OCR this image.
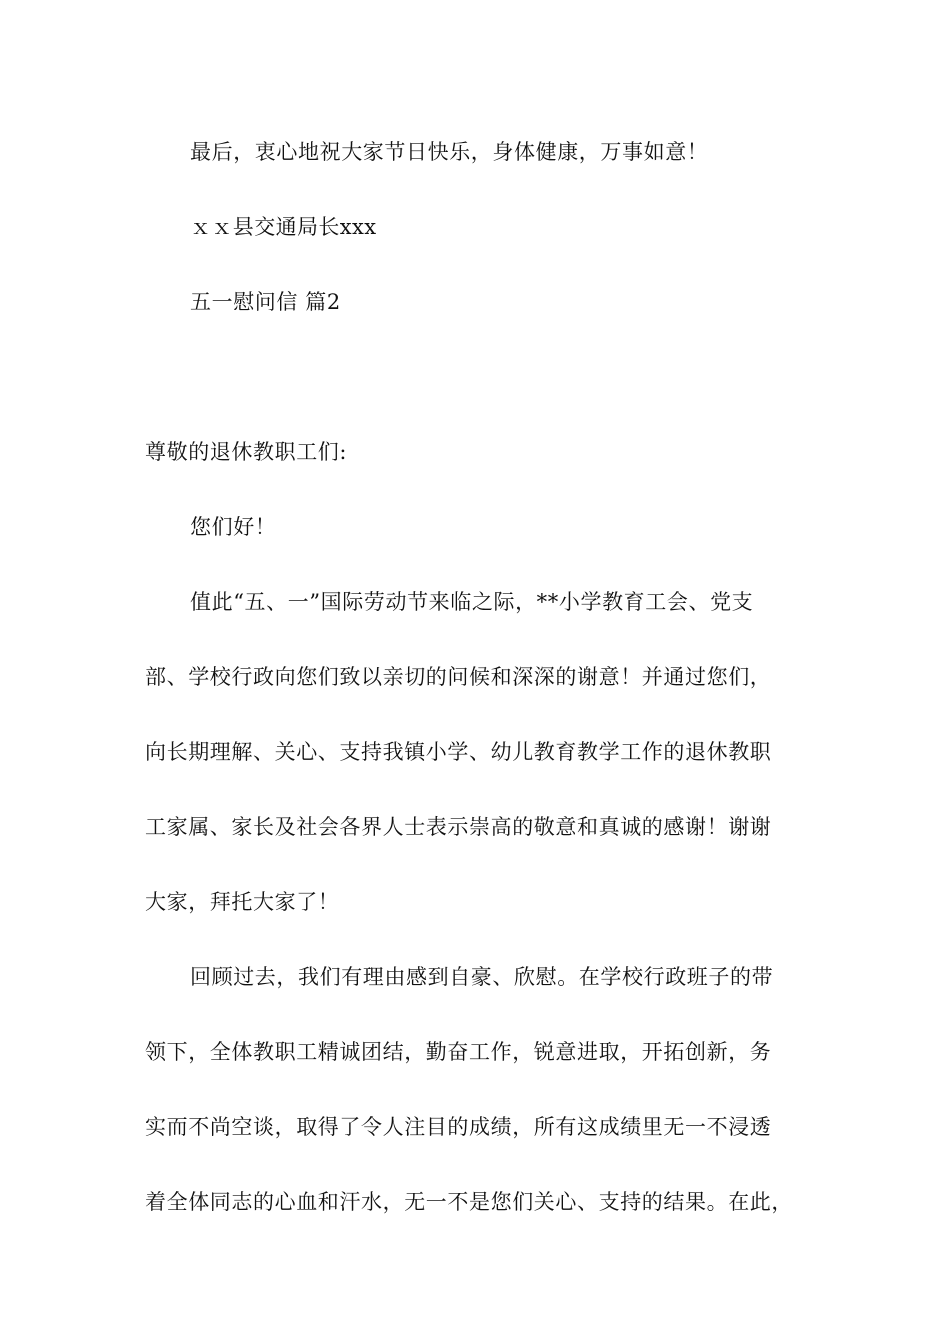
最后，衷心地祝大家节日快乐，身体健康，万事如意！
ｘｘ县交通局长xxx
五一慰问信 篇2
尊敬的退休教职工们:
您们好！
值此“五、一”国际劳动节来临之际，**小学教育工会、党支
部、学校行政向您们致以亲切的问候和深深的谢意！并通过您们，
向长期理解、关心、支持我镇小学、幼儿教育教学工作的退休教职
工家属、家长及社会各界人士表示崇高的敬意和真诚的感谢！谢谢
大家，拜托大家了！
回顾过去，我们有理由感到自豪、欣慰。在学校行政班子的带
领下，全体教职工精诚团结，勤奋工作，锐意进取，开拓创新，务
实而不尚空谈，取得了令人注目的成绩，所有这成绩里无一不浸透
着全体同志的心血和汗水，无一不是您们关心、支持的结果。在此，
